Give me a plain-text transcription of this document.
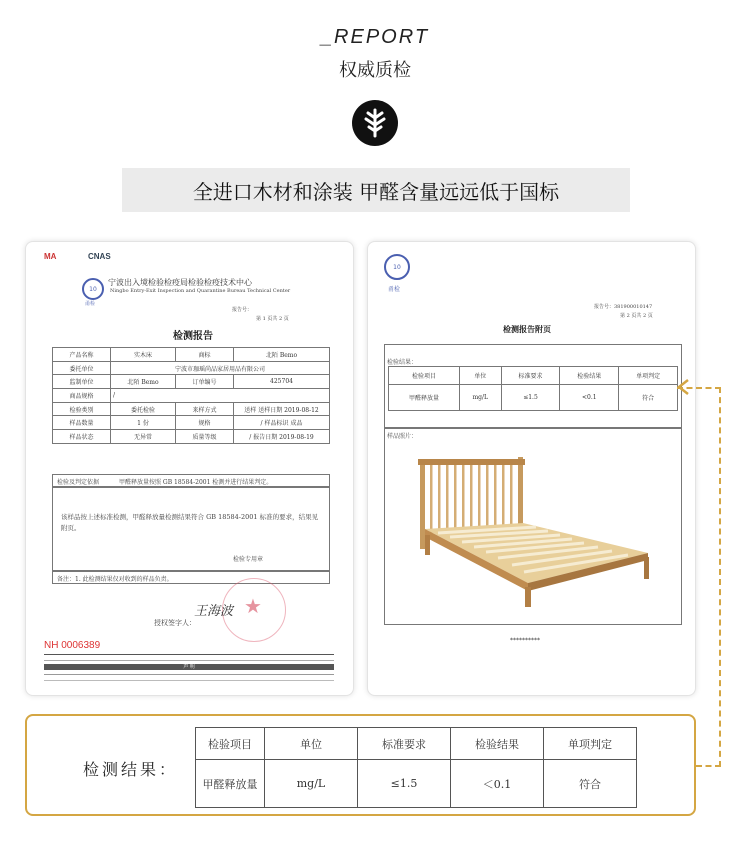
_REPORT
权威质检
全进口木材和涂装 甲醛含量远远低于国标
MA	CNAS
10
宁波出入境检验检疫局检验检疫技术中心
Ningbo Entry-Exit Inspection and Quarantine Bureau Technical Center
甬检
报告号：
第 1 页共 2 页
检测报告
产品名称	实木床	商标	北陌 Bemo
委托单位	宁波市珈瑶尚品家居用品有限公司		
监制单位	北陌 Bemo	订单编号	425704
商品规格	/		
检验类别	委托检验	来样方式	送样 送样日期 2019-08-12
样品数量	1 份	规格	/ 样品标识 成品
样品状态	无异常	质量等级	/ 报告日期 2019-08-19
检验及判定依据	甲醛释放量按照 GB 18584-2001 检测并进行结果判定。
该样品按上述标准检测，甲醛释放量检测结果符合 GB 18584-2001 标准的要求，结果见附页。
检验专用章
备注：1. 此检测结果仅对收到的样品负责。
★
王海波
授权签字人：
NH 0006389
声 明
10
甬检
报告号：381900010147
第 2 页共 2 页
检测报告附页
检验结果：
检验项目	单位	标准要求	检验结果	单项判定
甲醛释放量	mg/L	≤1.5	<0.1	符合
样品照片：
**********
检测结果：
检验项目	单位	标准要求	检验结果	单项判定
甲醛释放量	mg/L	≤1.5	＜0.1	符合
